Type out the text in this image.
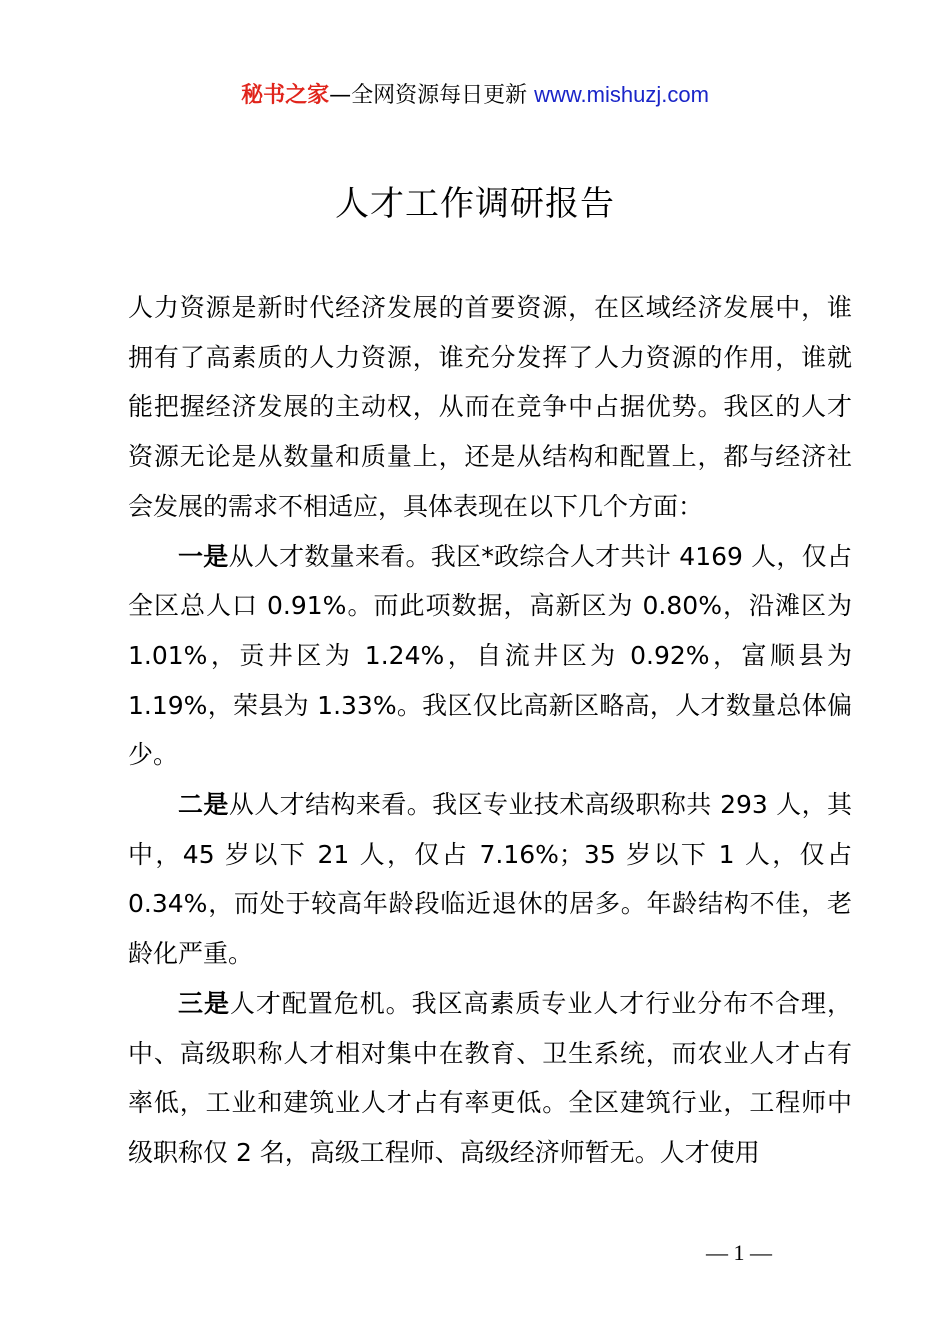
秘书之家—全网资源每日更新 www.mishuzj.com
人才工作调研报告

人力资源是新时代经济发展的首要资源，在区域经济发展中，谁拥有了高素质的人力资源，谁充分发挥了人力资源的作用，谁就能把握经济发展的主动权，从而在竞争中占据优势。我区的人才资源无论是从数量和质量上，还是从结构和配置上，都与经济社会发展的需求不相适应，具体表现在以下几个方面：

一是从人才数量来看。我区*政综合人才共计 4169 人，仅占全区总人口 0.91%。而此项数据，高新区为 0.80%，沿滩区为 1.01%，贡井区为 1.24%，自流井区为 0.92%，富顺县为 1.19%，荣县为 1.33%。我区仅比高新区略高，人才数量总体偏少。

二是从人才结构来看。我区专业技术高级职称共 293 人，其中，45 岁以下 21 人，仅占 7.16%；35 岁以下 1 人，仅占 0.34%，而处于较高年龄段临近退休的居多。年龄结构不佳，老龄化严重。

三是人才配置危机。我区高素质专业人才行业分布不合理，中、高级职称人才相对集中在教育、卫生系统，而农业人才占有率低，工业和建筑业人才占有率更低。全区建筑行业，工程师中级职称仅 2 名，高级工程师、高级经济师暂无。人才使用

— 1 —
